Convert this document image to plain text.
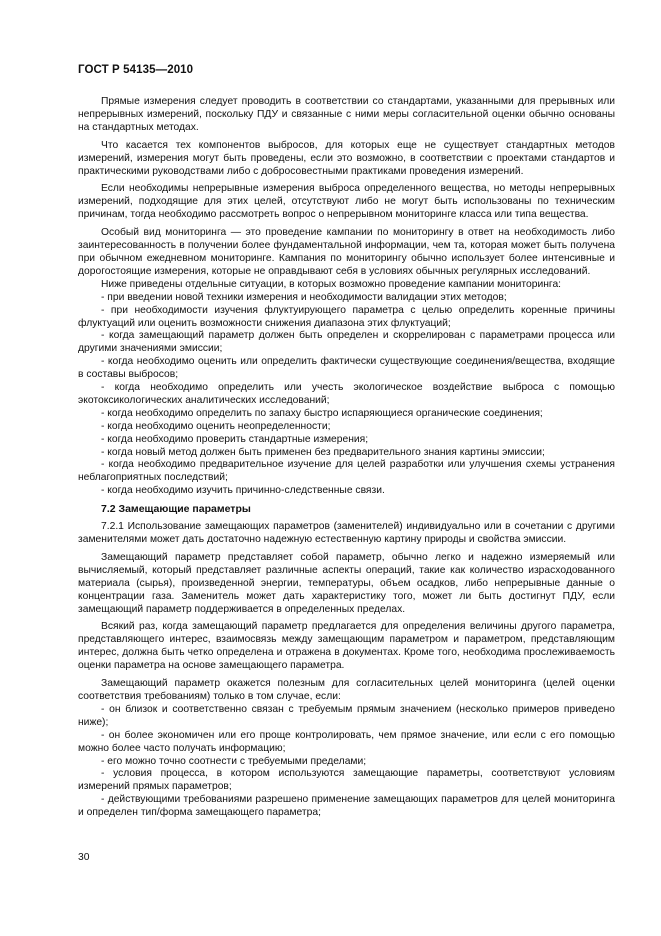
ГОСТ Р 54135—2010

Прямые измерения следует проводить в соответствии со стандартами, указанными для прерывных или непрерывных измерений, поскольку ПДУ и связанные с ними меры согласительной оценки обычно основаны на стандартных методах.

Что касается тех компонентов выбросов, для которых еще не существует стандартных методов измерений, измерения могут быть проведены, если это возможно, в соответствии с проектами стандартов и практическими руководствами либо с добросовестными практиками проведения измерений.

Если необходимы непрерывные измерения выброса определенного вещества, но методы непрерывных измерений, подходящие для этих целей, отсутствуют либо не могут быть использованы по техническим причинам, тогда необходимо рассмотреть вопрос о непрерывном мониторинге класса или типа вещества.

Особый вид мониторинга — это проведение кампании по мониторингу в ответ на необходимость либо заинтересованность в получении более фундаментальной информации, чем та, которая может быть получена при обычном ежедневном мониторинге. Кампания по мониторингу обычно использует более интенсивные и дорогостоящие измерения, которые не оправдывают себя в условиях обычных регулярных исследований.

Ниже приведены отдельные ситуации, в которых возможно проведение кампании мониторинга:

- при введении новой техники измерения и необходимости валидации этих методов;

- при необходимости изучения флуктуирующего параметра с целью определить коренные причины флуктуаций или оценить возможности снижения диапазона этих флуктуаций;

- когда замещающий параметр должен быть определен и скоррелирован с параметрами процесса или другими значениями эмиссии;

- когда необходимо оценить или определить фактически существующие соединения/вещества, входящие в составы выбросов;

- когда необходимо определить или учесть экологическое воздействие выброса с помощью экотоксикологических аналитических исследований;

- когда необходимо определить по запаху быстро испаряющиеся органические соединения;

- когда необходимо оценить неопределенности;

- когда необходимо проверить стандартные измерения;

- когда новый метод должен быть применен без предварительного знания картины эмиссии;

- когда необходимо предварительное изучение для целей разработки или улучшения схемы устранения неблагоприятных последствий;

- когда необходимо изучить причинно-следственные связи.

7.2 Замещающие параметры

7.2.1 Использование замещающих параметров (заменителей) индивидуально или в сочетании с другими заменителями может дать достаточно надежную естественную картину природы и свойства эмиссии.

Замещающий параметр представляет собой параметр, обычно легко и надежно измеряемый или вычисляемый, который представляет различные аспекты операций, такие как количество израсходованного материала (сырья), произведенной энергии, температуры, объем осадков, либо непрерывные данные о концентрации газа. Заменитель может дать характеристику того, может ли быть достигнут ПДУ, если замещающий параметр поддерживается в определенных пределах.

Всякий раз, когда замещающий параметр предлагается для определения величины другого параметра, представляющего интерес, взаимосвязь между замещающим параметром и параметром, представляющим интерес, должна быть четко определена и отражена в документах. Кроме того, необходима прослеживаемость оценки параметра на основе замещающего параметра.

Замещающий параметр окажется полезным для согласительных целей мониторинга (целей оценки соответствия требованиям) только в том случае, если:

- он близок и соответственно связан с требуемым прямым значением (несколько примеров приведено ниже);

- он более экономичен или его проще контролировать, чем прямое значение, или если с его помощью можно более часто получать информацию;

- его можно точно соотнести с требуемыми пределами;

- условия процесса, в котором используются замещающие параметры, соответствуют условиям измерений прямых параметров;

- действующими требованиями разрешено применение замещающих параметров для целей мониторинга и определен тип/форма замещающего параметра;

30
